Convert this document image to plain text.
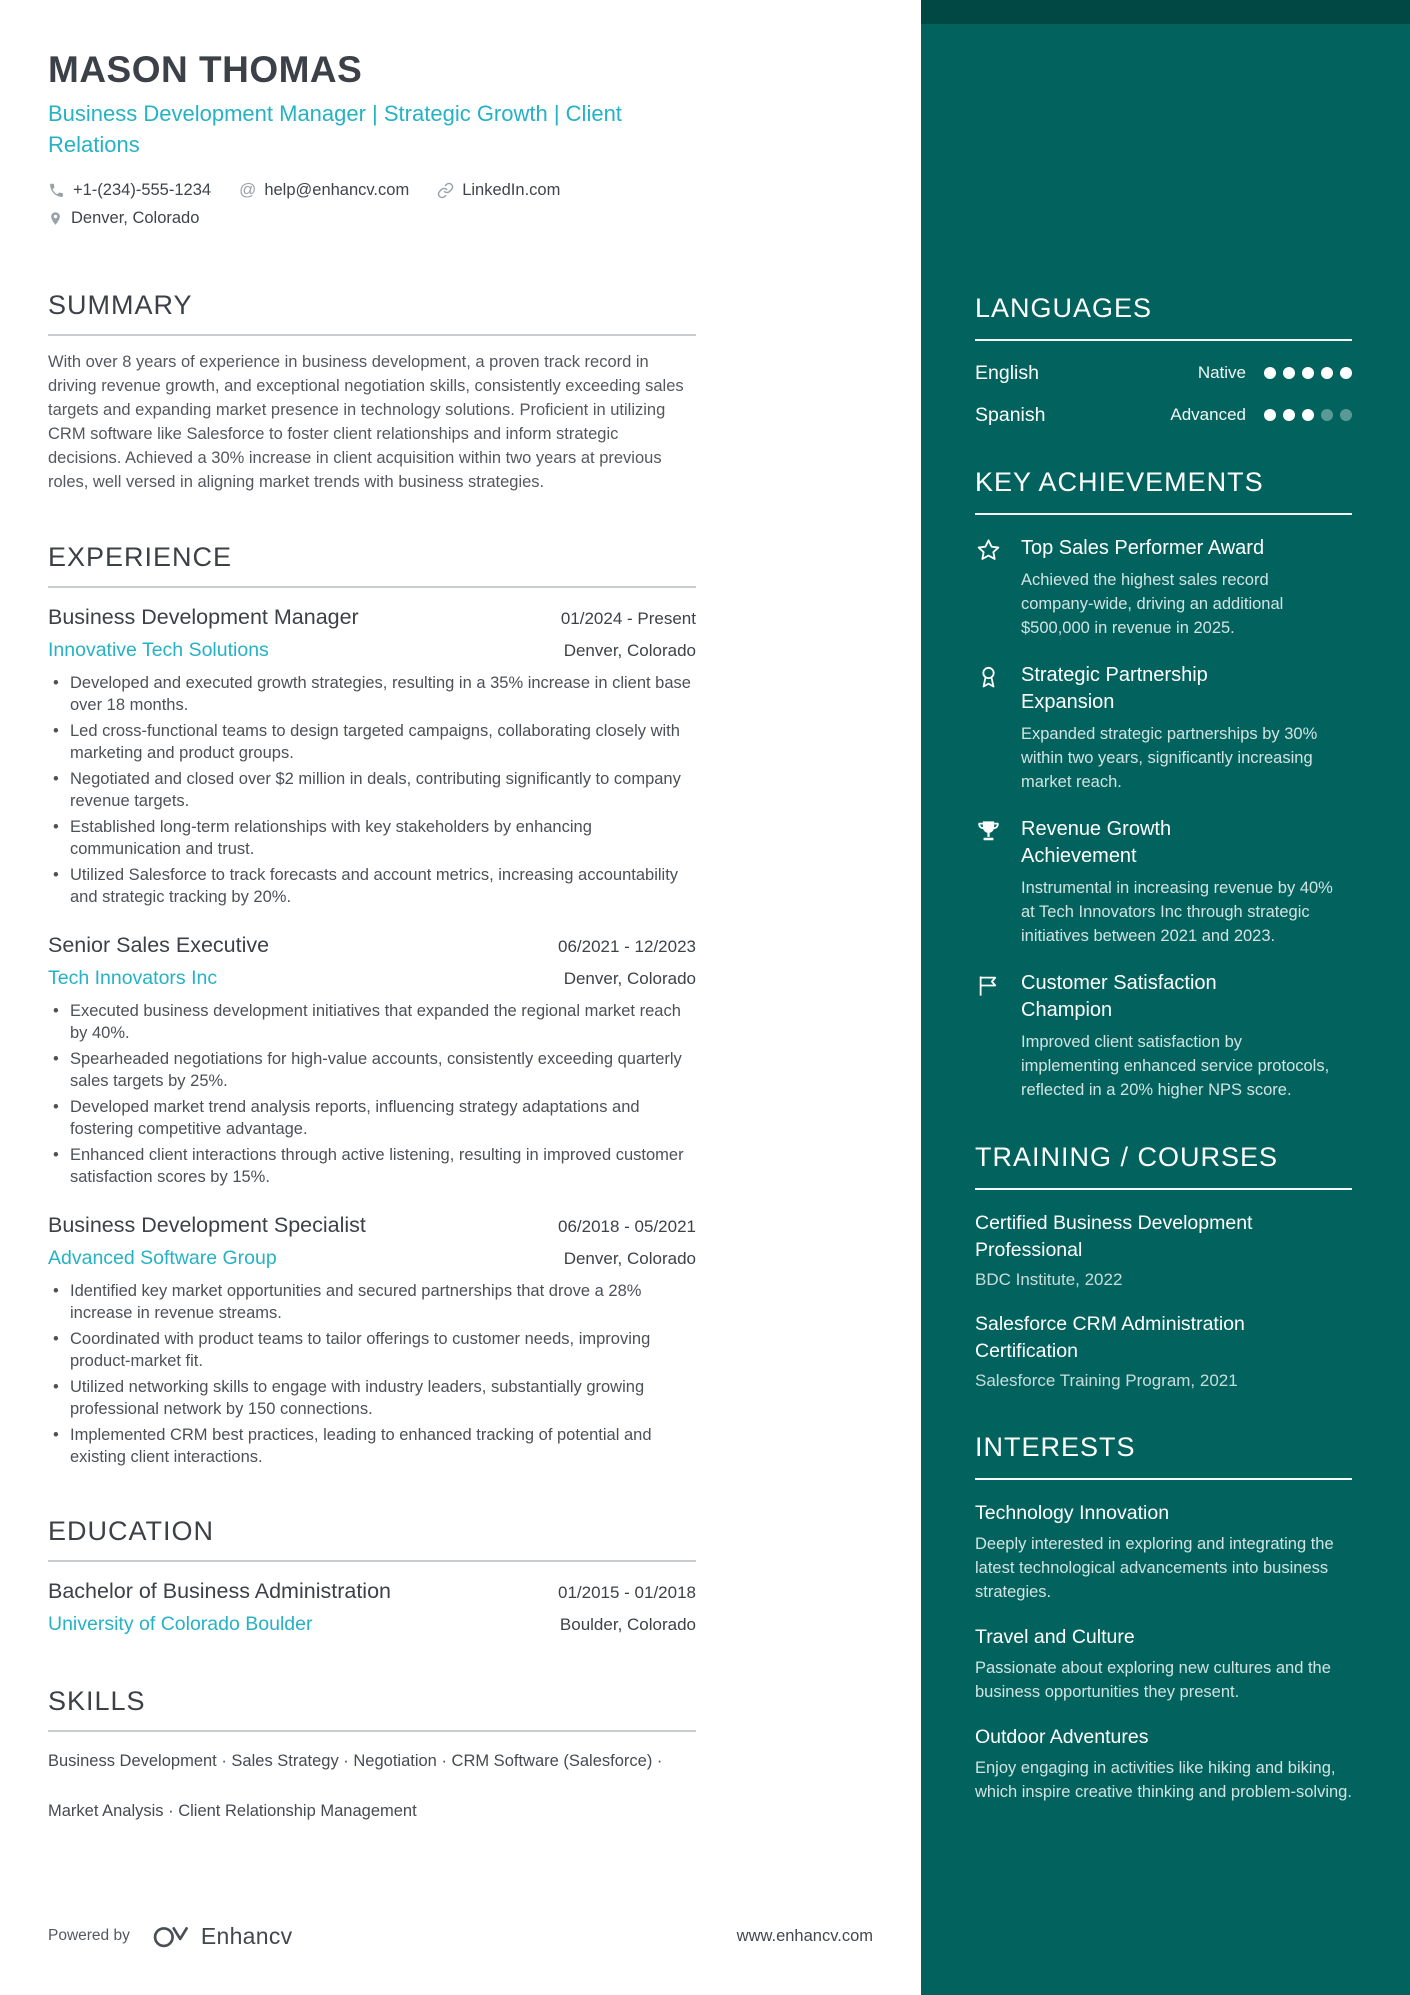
MASON THOMAS
Business Development Manager | Strategic Growth | Client Relations
+1-(234)-555-1234 @ help@enhancv.com	LinkedIn.com
Denver, Colorado
SUMMARY

With over 8 years of experience in business development, a proven track record in driving revenue growth, and exceptional negotiation skills, consistently exceeding sales targets and expanding market presence in technology solutions. Proficient in utilizing CRM software like Salesforce to foster client relationships and inform strategic decisions. Achieved a 30% increase in client acquisition within two years at previous roles, well versed in aligning market trends with business strategies.

EXPERIENCE
Business Development Manager	01/2024 - Present
Innovative Tech Solutions	Denver, Colorado
• Developed and executed growth strategies, resulting in a 35% increase in client base over 18 months.
• Led cross-functional teams to design targeted campaigns, collaborating closely with marketing and product groups.
• Negotiated and closed over $2 million in deals, contributing significantly to company revenue targets.
• Established long-term relationships with key stakeholders by enhancing communication and trust.
• Utilized Salesforce to track forecasts and account metrics, increasing accountability and strategic tracking by 20%.
Senior Sales Executive	06/2021 - 12/2023
Tech Innovators Inc	Denver, Colorado
• Executed business development initiatives that expanded the regional market reach by 40%.
• Spearheaded negotiations for high-value accounts, consistently exceeding quarterly sales targets by 25%.
• Developed market trend analysis reports, influencing strategy adaptations and fostering competitive advantage.
• Enhanced client interactions through active listening, resulting in improved customer satisfaction scores by 15%.
Business Development Specialist	06/2018 - 05/2021
Advanced Software Group	Denver, Colorado
• Identified key market opportunities and secured partnerships that drove a 28% increase in revenue streams.
• Coordinated with product teams to tailor offerings to customer needs, improving product-market fit.
• Utilized networking skills to engage with industry leaders, substantially growing professional network by 150 connections.
• Implemented CRM best practices, leading to enhanced tracking of potential and existing client interactions.
EDUCATION
Bachelor of Business Administration	01/2015 - 01/2018
University of Colorado Boulder	Boulder, Colorado
SKILLS

Business Development · Sales Strategy · Negotiation · CRM Software (Salesforce) · Market Analysis · Client Relationship Management

LANGUAGES
English	Native
Spanish	Advanced
KEY ACHIEVEMENTS
Top Sales Performer Award
Achieved the highest sales record company-wide, driving an additional $500,000 in revenue in 2025.
Strategic Partnership Expansion
Expanded strategic partnerships by 30% within two years, significantly increasing market reach.
Revenue Growth Achievement
Instrumental in increasing revenue by 40% at Tech Innovators Inc through strategic initiatives between 2021 and 2023.
Customer Satisfaction Champion
Improved client satisfaction by implementing enhanced service protocols, reflected in a 20% higher NPS score.
TRAINING / COURSES
Certified Business Development Professional
BDC Institute, 2022
Salesforce CRM Administration Certification
Salesforce Training Program, 2021
INTERESTS
Technology Innovation
Deeply interested in exploring and integrating the latest technological advancements into business strategies.
Travel and Culture
Passionate about exploring new cultures and the business opportunities they present.
Outdoor Adventures
Enjoy engaging in activities like hiking and biking, which inspire creative thinking and problem-solving.
Powered by	Enhancv	www.enhancv.com
